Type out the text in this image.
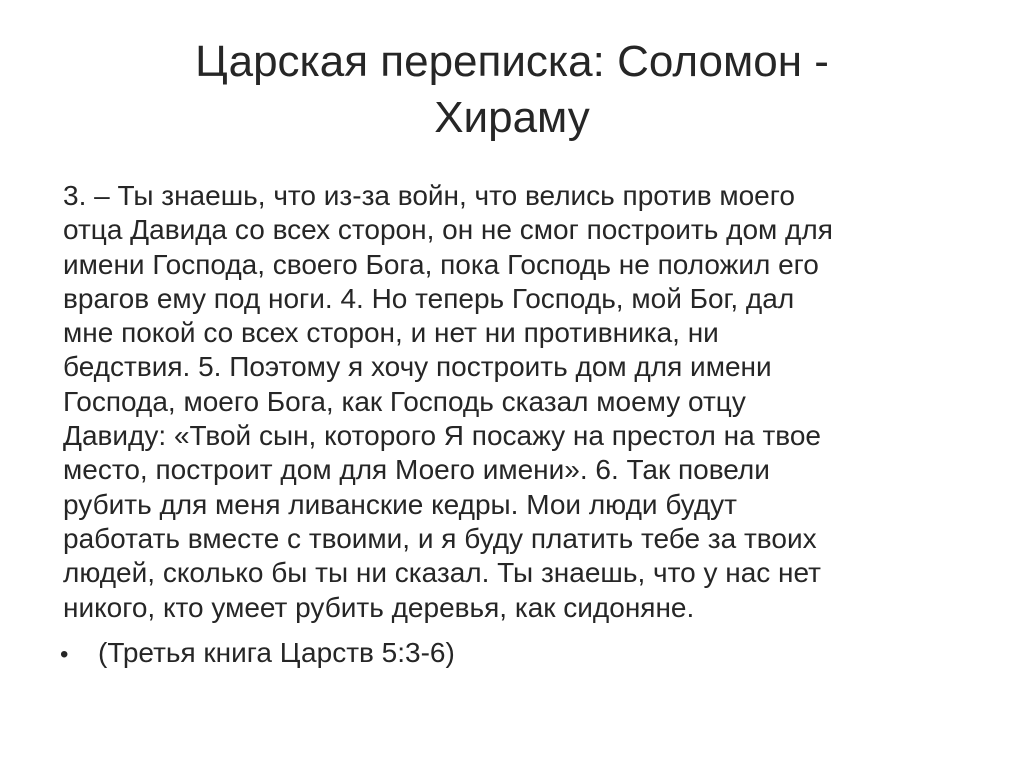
Царская переписка: Соломон -
Хираму
3. – Ты знаешь, что из-за войн, что велись против моего
отца Давида со всех сторон, он не смог построить дом для
имени Господа, своего Бога, пока Господь не положил его
врагов ему под ноги. 4. Но теперь Господь, мой Бог, дал
мне покой со всех сторон, и нет ни противника, ни
бедствия. 5. Поэтому я хочу построить дом для имени
Господа, моего Бога, как Господь сказал моему отцу
Давиду: «Твой сын, которого Я посажу на престол на твое
место, построит дом для Моего имени». 6. Так повели
рубить для меня ливанские кедры. Мои люди будут
работать вместе с твоими, и я буду платить тебе за твоих
людей, сколько бы ты ни сказал. Ты знаешь, что у нас нет
никого, кто умеет рубить деревья, как сидоняне.
• (Третья книга Царств 5:3-6)
